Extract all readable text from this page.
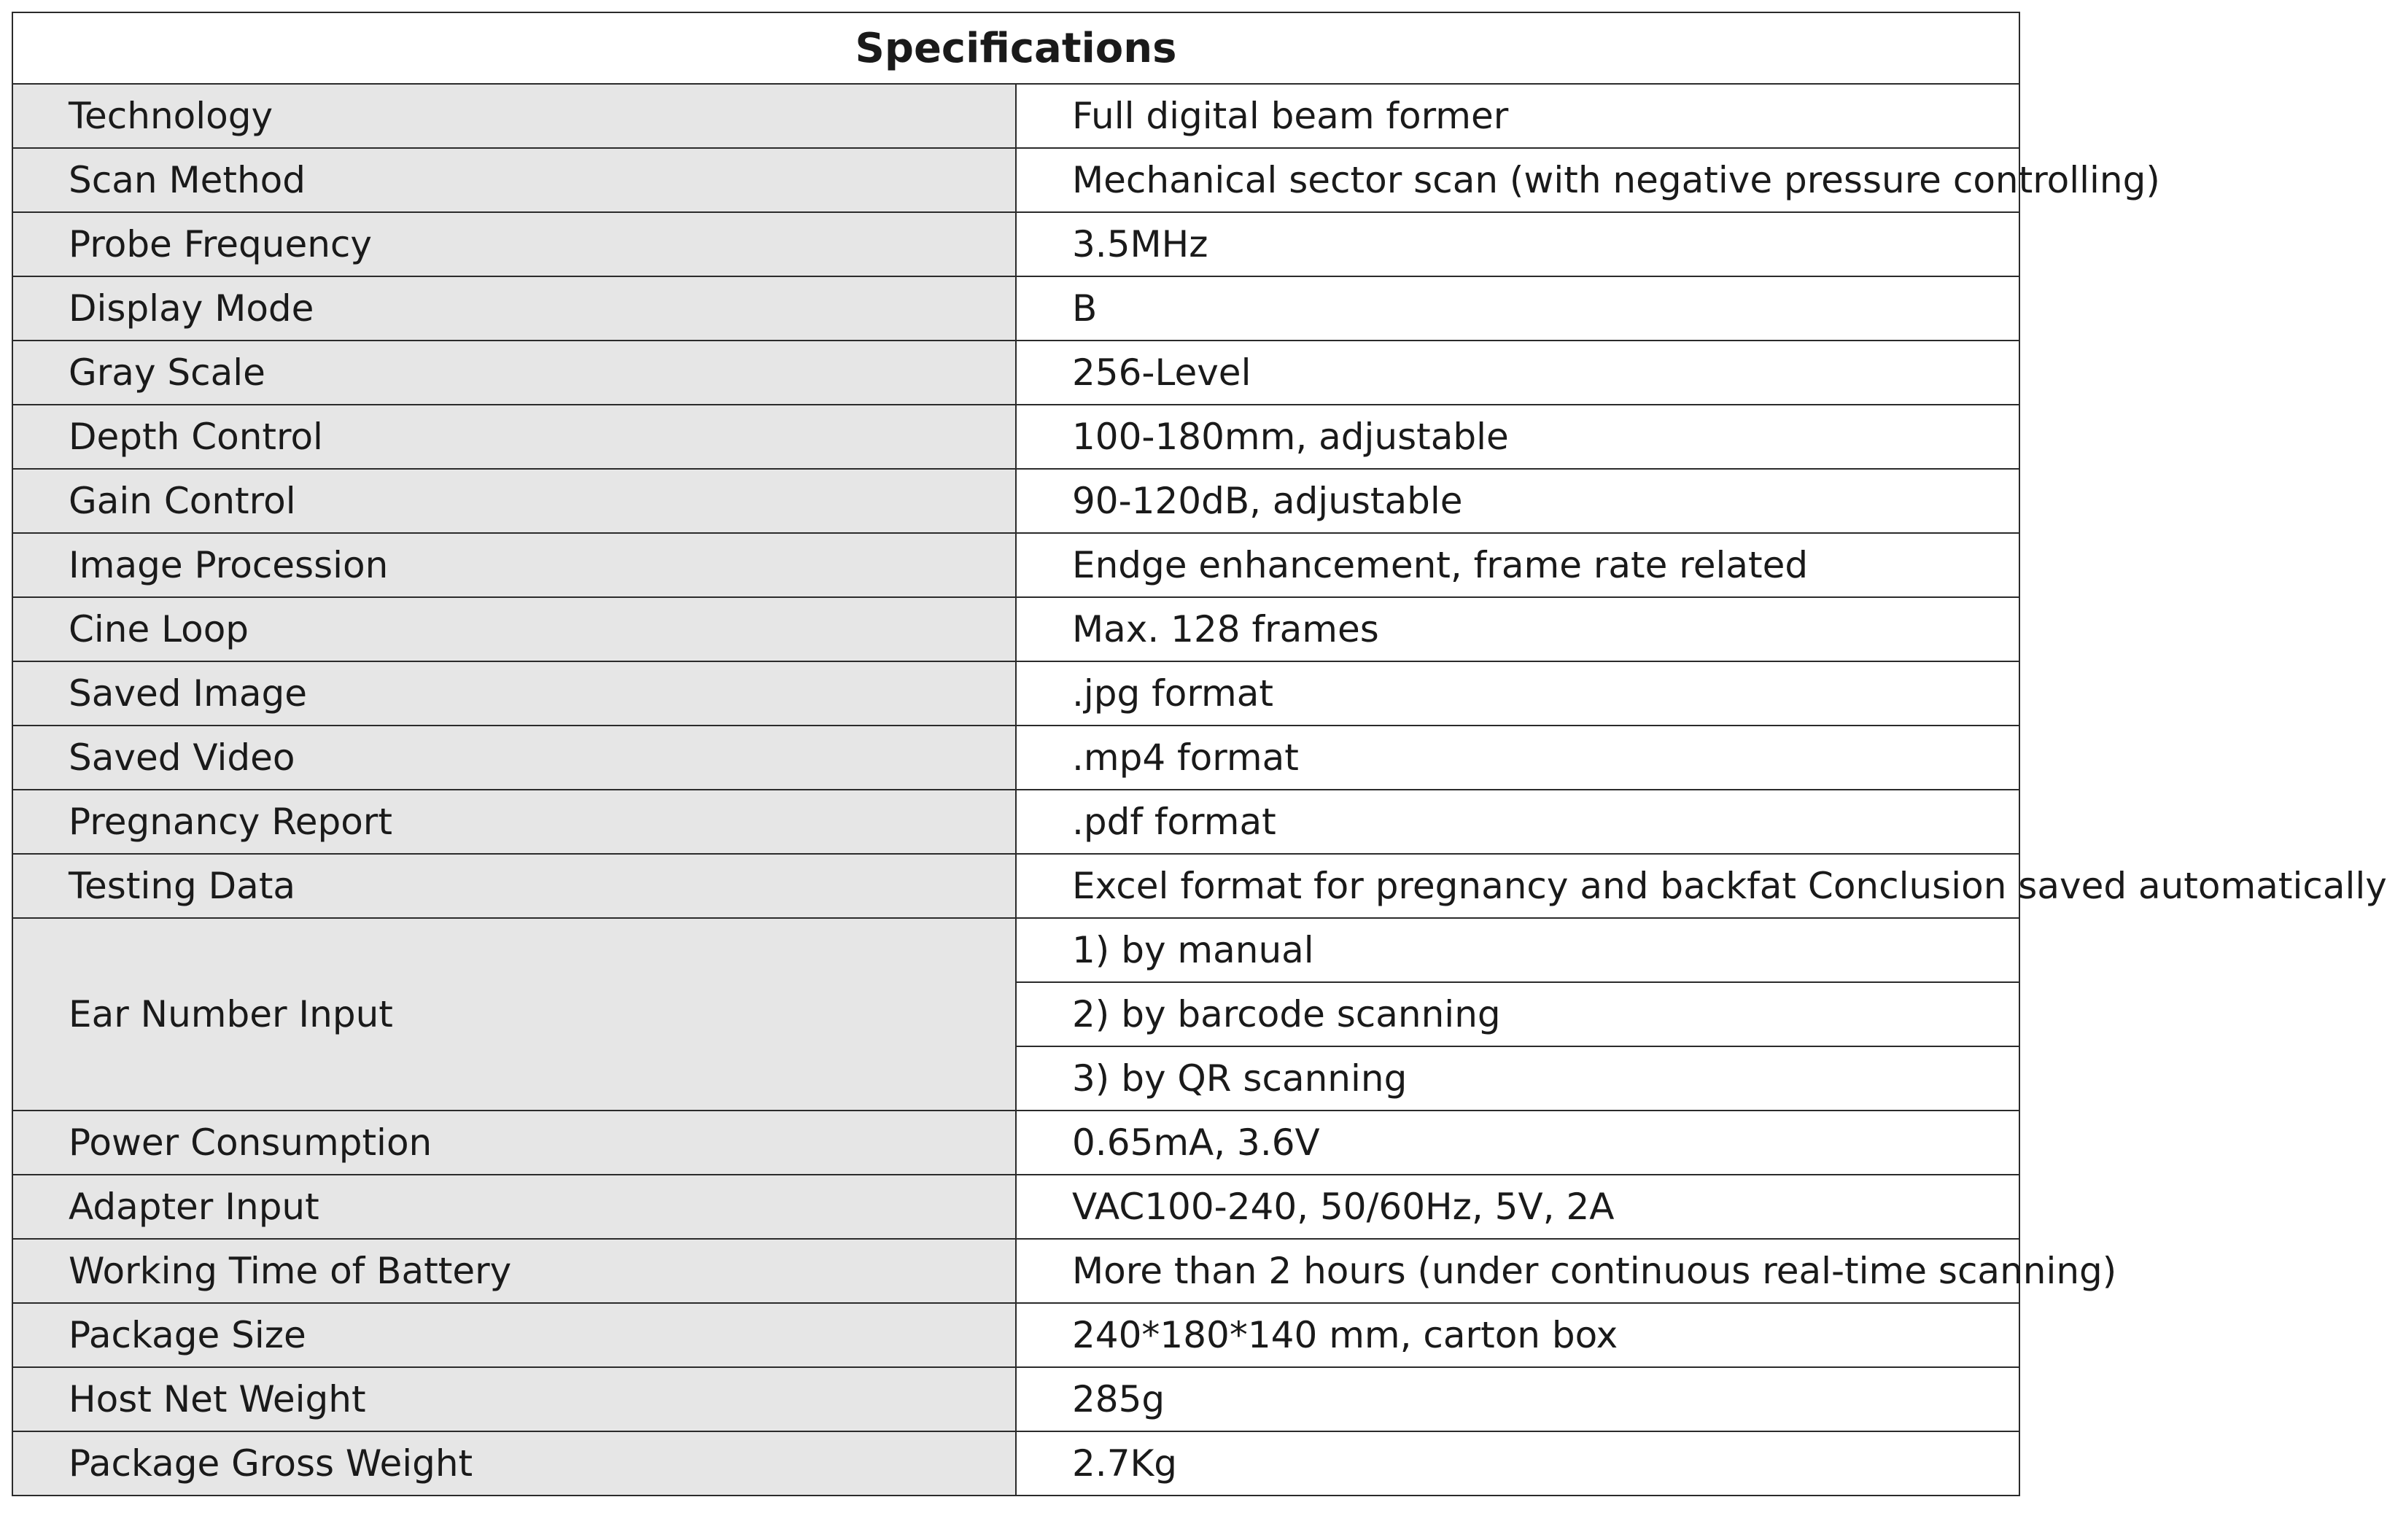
Specifications	
Technology	Full digital beam former
Scan Method	Mechanical sector scan (with negative pressure controlling)
Probe Frequency	3.5MHz
Display Mode	B
Gray Scale	256-Level
Depth Control	100-180mm, adjustable
Gain Control	90-120dB, adjustable
Image Procession	Endge enhancement, frame rate related
Cine Loop	Max. 128 frames
Saved Image	.jpg format
Saved Video	.mp4 format
Pregnancy Report	.pdf format
Testing Data	Excel format for pregnancy and backfat Conclusion saved automatically
Ear Number Input	1) by manual
	2) by barcode scanning
	3) by QR scanning
Power Consumption	0.65mA, 3.6V
Adapter Input	VAC100-240, 50/60Hz, 5V, 2A
Working Time of Battery	More than 2 hours (under continuous real-time scanning)
Package Size	240*180*140 mm, carton box
Host Net Weight	285g
Package Gross Weight	2.7Kg
